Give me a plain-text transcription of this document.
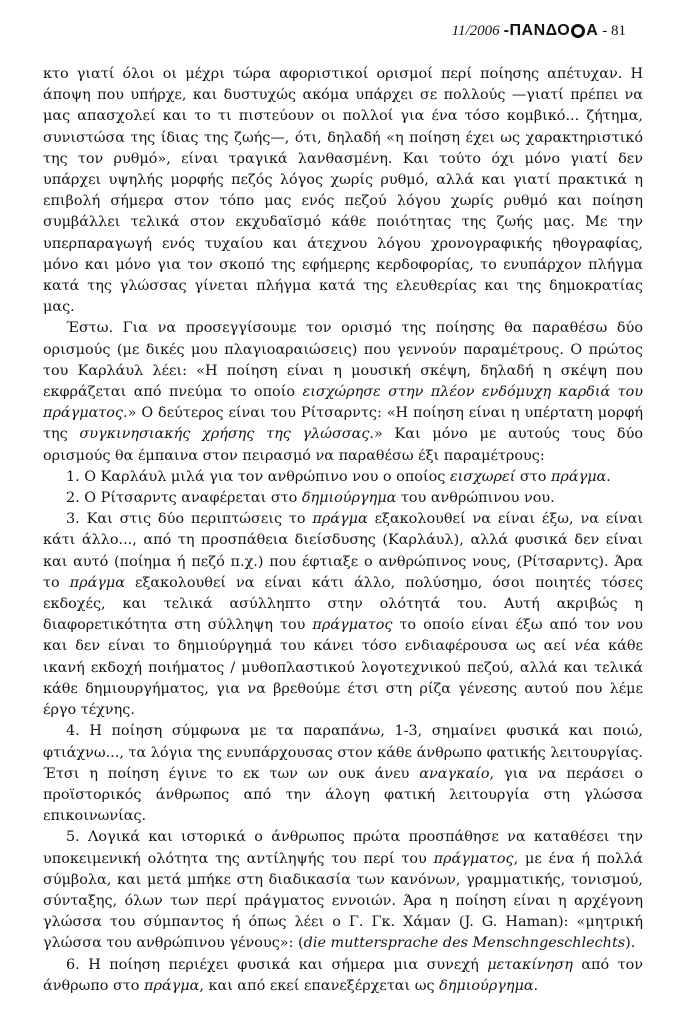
11/2006 -ΠΑΝΔΟ Α - 81

κτο γιατί όλοι οι μέχρι τώρα αφοριστικοί ορισμοί περί ποίησης απέτυχαν. Η άποψη που υπήρχε, και δυστυχώς ακόμα υπάρχει σε πολλούς —γιατί πρέπει να μας απασχολεί και το τι πιστεύουν οι πολλοί για ένα τόσο κομβικό... ζήτημα, συνιστώσα της ίδιας της ζωής—, ότι, δηλαδή «η ποίηση έχει ως χαρακτηριστικό της τον ρυθμό», είναι τραγικά λανθασμένη. Και τούτο όχι μόνο γιατί δεν υπάρχει υψηλής μορφής πεζός λόγος χωρίς ρυθμό, αλλά και γιατί πρακτικά η επιβολή σήμερα στον τόπο μας ενός πεζού λόγου χωρίς ρυθμό και ποίηση συμβάλλει τελικά στον εκχυδαϊσμό κάθε ποιότητας της ζωής μας. Με την υπερπαραγωγή ενός τυχαίου και άτεχνου λόγου χρονογραφικής ηθογραφίας, μόνο και μόνο για τον σκοπό της εφήμερης κερδοφορίας, το ενυπάρχον πλήγμα κατά της γλώσσας γίνεται πλήγμα κατά της ελευθερίας και της δημοκρατίας μας.

Έστω. Για να προσεγγίσουμε τον ορισμό της ποίησης θα παραθέσω δύο ορισμούς (με δικές μου πλαγιοαραιώσεις) που γεννούν παραμέτρους. Ο πρώτος του Καρλάυλ λέει: «Η ποίηση είναι η μουσική σκέψη, δηλαδή η σκέψη που εκφράζεται από πνεύμα το οποίο εισχώρησε στην πλέον ενδόμυχη καρδιά του πράγματος.» Ο δεύτερος είναι του Ρίτσαρντς: «Η ποίηση είναι η υπέρτατη μορφή της συγκινησιακής χρήσης της γλώσσας.» Και μόνο με αυτούς τους δύο ορισμούς θα έμπαινα στον πειρασμό να παραθέσω έξι παραμέτρους:

1. Ο Καρλάυλ μιλά για τον ανθρώπινο νου ο οποίος εισχωρεί στο πράγμα.

2. Ο Ρίτσαρντς αναφέρεται στο δημιούργημα του ανθρώπινου νου.

3. Και στις δύο περιπτώσεις το πράγμα εξακολουθεί να είναι έξω, να είναι κάτι άλλο..., από τη προσπάθεια διείσδυσης (Καρλάυλ), αλλά φυσικά δεν είναι και αυτό (ποίημα ή πεζό π.χ.) που έφτιαξε ο ανθρώπινος νους, (Ρίτσαρντς). Άρα το πράγμα εξακολουθεί να είναι κάτι άλλο, πολύσημο, όσοι ποιητές τόσες εκδοχές, και τελικά ασύλληπτο στην ολότητά του. Αυτή ακριβώς η διαφορετικότητα στη σύλληψη του πράγματος το οποίο είναι έξω από τον νου και δεν είναι το δημιούργημά του κάνει τόσο ενδιαφέρουσα ως αεί νέα κάθε ικανή εκδοχή ποιήματος / μυθοπλαστικού λογοτεχνικού πεζού, αλλά και τελικά κάθε δημιουργήματος, για να βρεθούμε έτσι στη ρίζα γένεσης αυτού που λέμε έργο τέχνης.

4. Η ποίηση σύμφωνα με τα παραπάνω, 1-3, σημαίνει φυσικά και ποιώ, φτιάχνω..., τα λόγια της ενυπάρχουσας στον κάθε άνθρωπο φατικής λειτουργίας. Έτσι η ποίηση έγινε το εκ των ων ουκ άνευ αναγκαίο, για να περάσει ο προϊστορικός άνθρωπος από την άλογη φατική λειτουργία στη γλώσσα επικοινωνίας.

5. Λογικά και ιστορικά ο άνθρωπος πρώτα προσπάθησε να καταθέσει την υποκειμενική ολότητα της αντίληψής του περί του πράγματος, με ένα ή πολλά σύμβολα, και μετά μπήκε στη διαδικασία των κανόνων, γραμματικής, τονισμού, σύνταξης, όλων των περί πράγματος εννοιών. Άρα η ποίηση είναι η αρχέγονη γλώσσα του σύμπαντος ή όπως λέει ο Γ. Γκ. Χάμαν (J. G. Haman): «μητρική γλώσσα του ανθρώπινου γένους»: (die muttersprache des Menschngeschlechts).

6. Η ποίηση περιέχει φυσικά και σήμερα μια συνεχή μετακίνηση από τον άνθρωπο στο πράγμα, και από εκεί επανεξέρχεται ως δημιούργημα.
